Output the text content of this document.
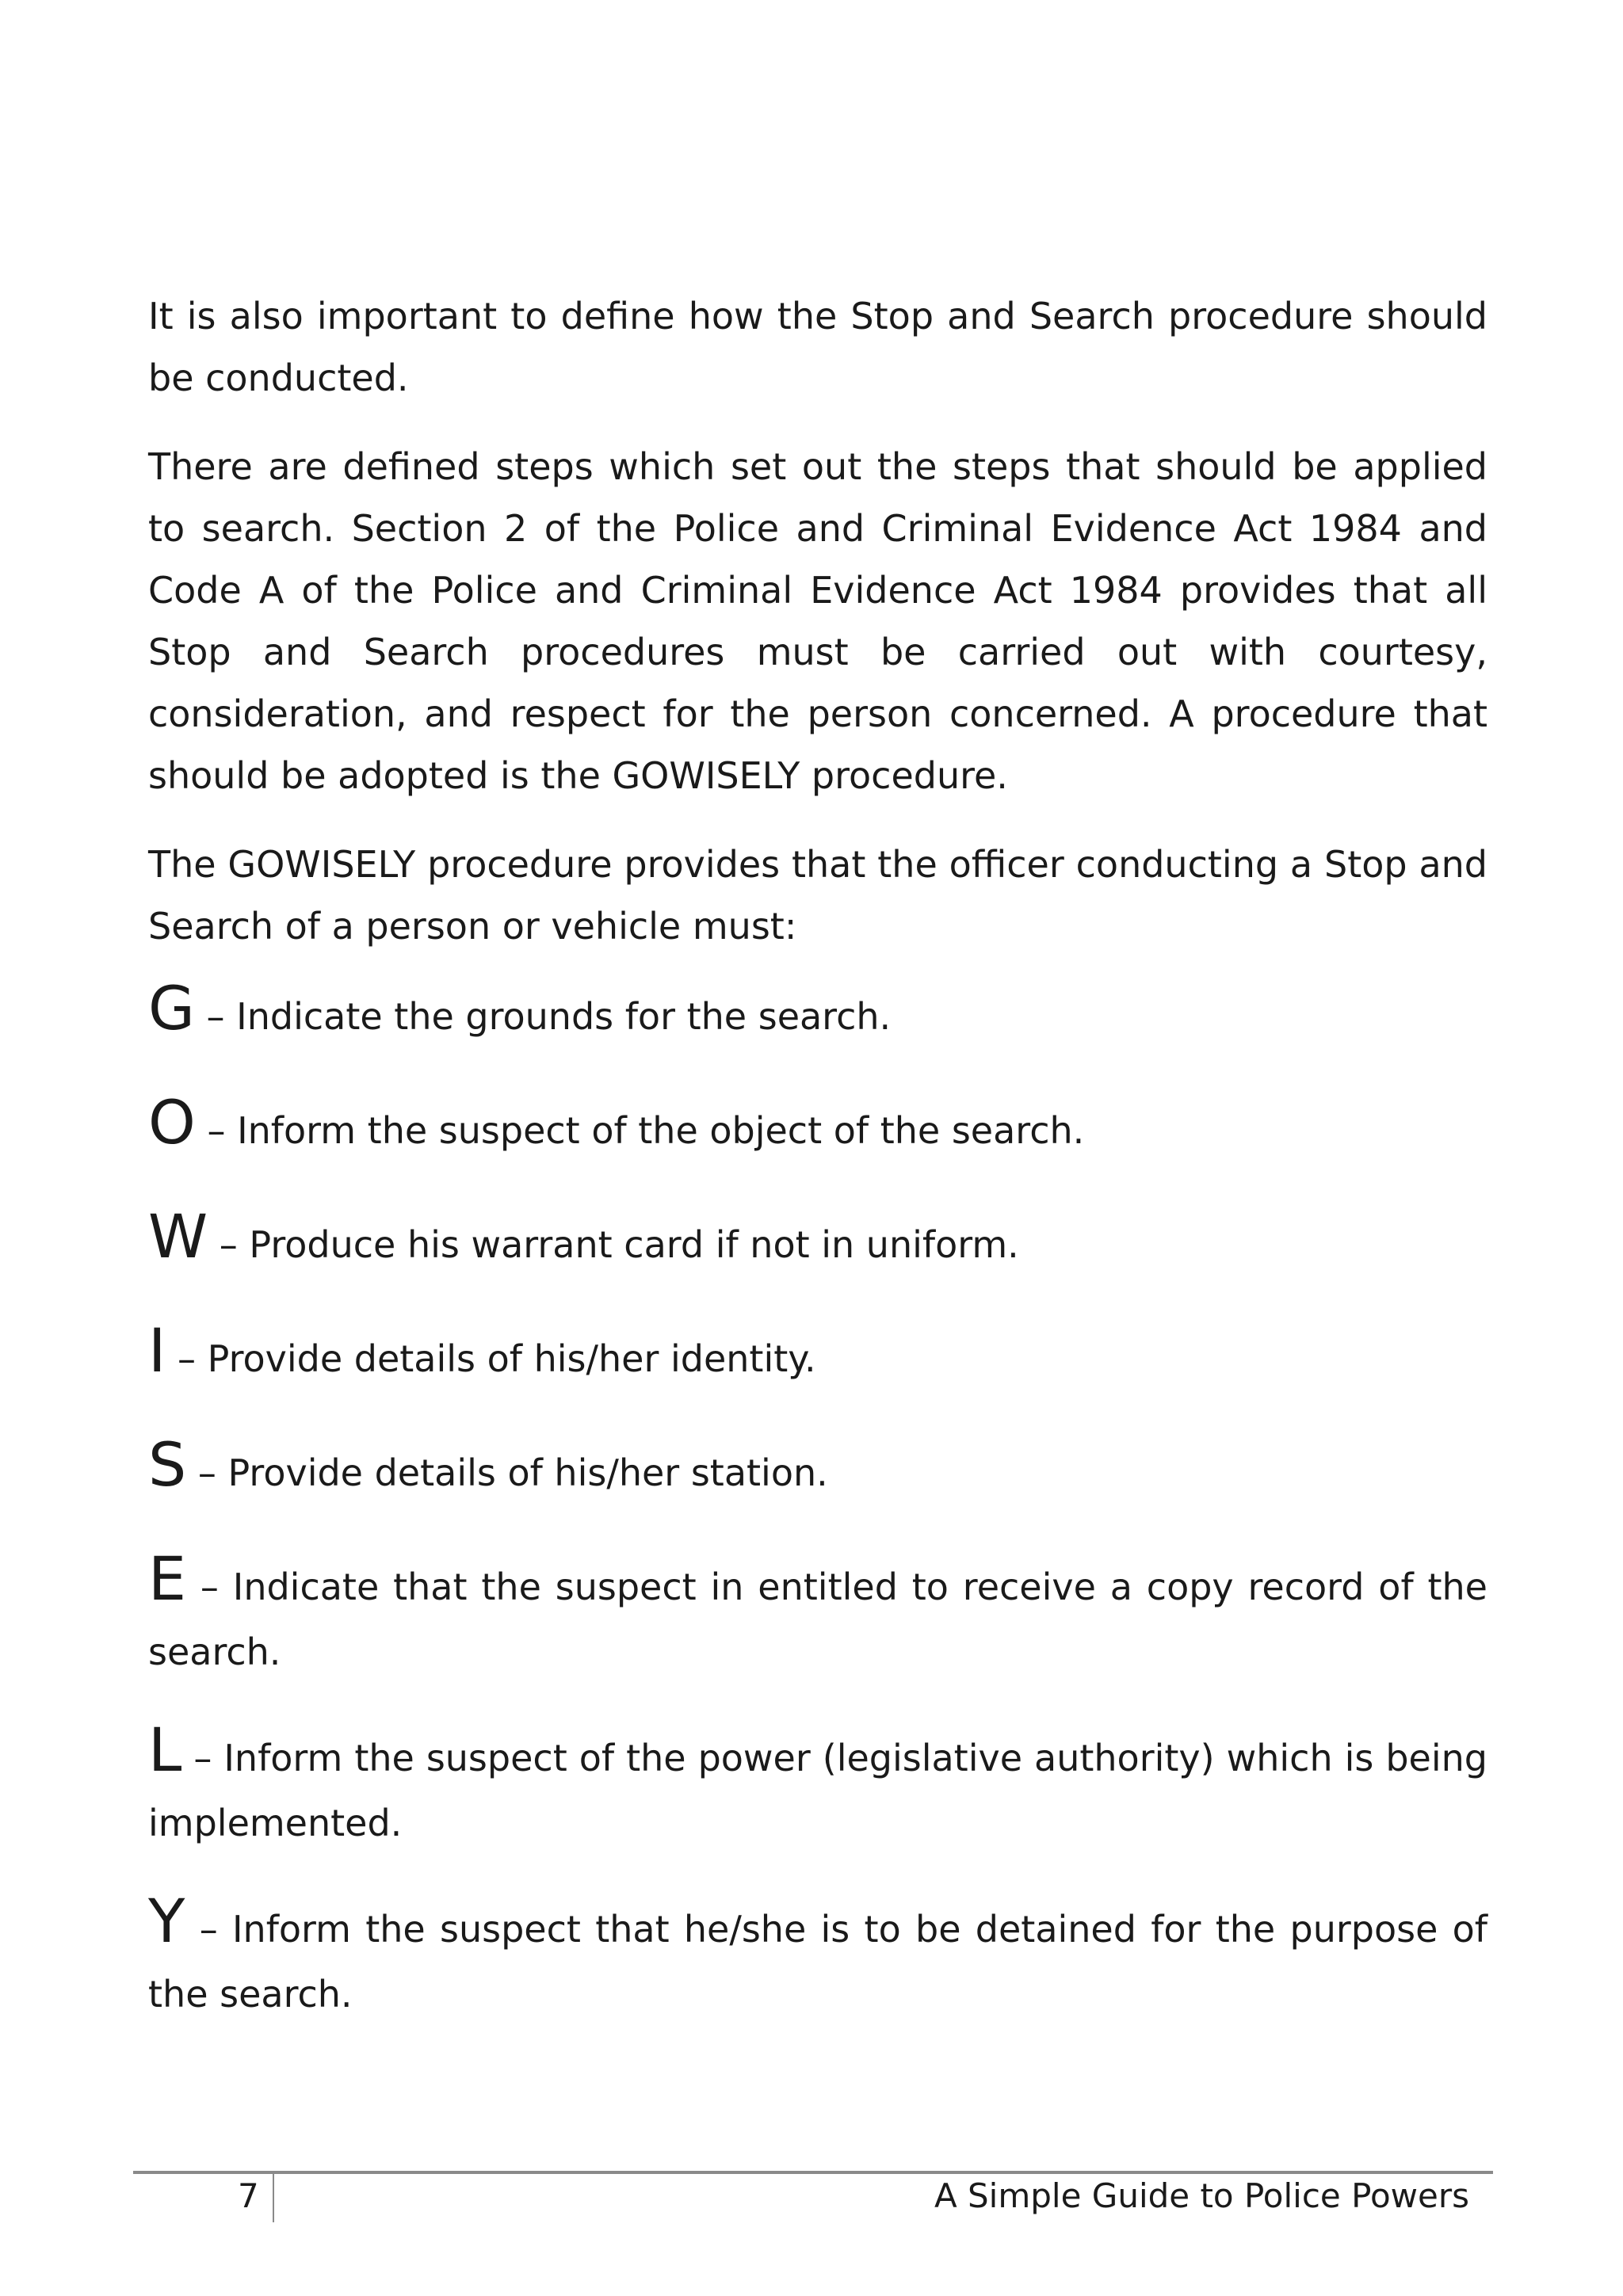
It is also important to define how the Stop and Search procedure should be conducted.

There are defined steps which set out the steps that should be applied to search. Section 2 of the Police and Criminal Evidence Act 1984 and Code A of the Police and Criminal Evidence Act 1984 provides that all Stop and Search procedures must be carried out with courtesy, consideration, and respect for the person concerned. A procedure that should be adopted is the GOWISELY procedure.

The GOWISELY procedure provides that the officer conducting a Stop and Search of a person or vehicle must:

G – Indicate the grounds for the search.

O – Inform the suspect of the object of the search.

W – Produce his warrant card if not in uniform.

I – Provide details of his/her identity.

S – Provide details of his/her station.

E – Indicate that the suspect in entitled to receive a copy record of the search.

L – Inform the suspect of the power (legislative authority) which is being implemented.

Y – Inform the suspect that he/she is to be detained for the purpose of the search.

7	A Simple Guide to Police Powers
